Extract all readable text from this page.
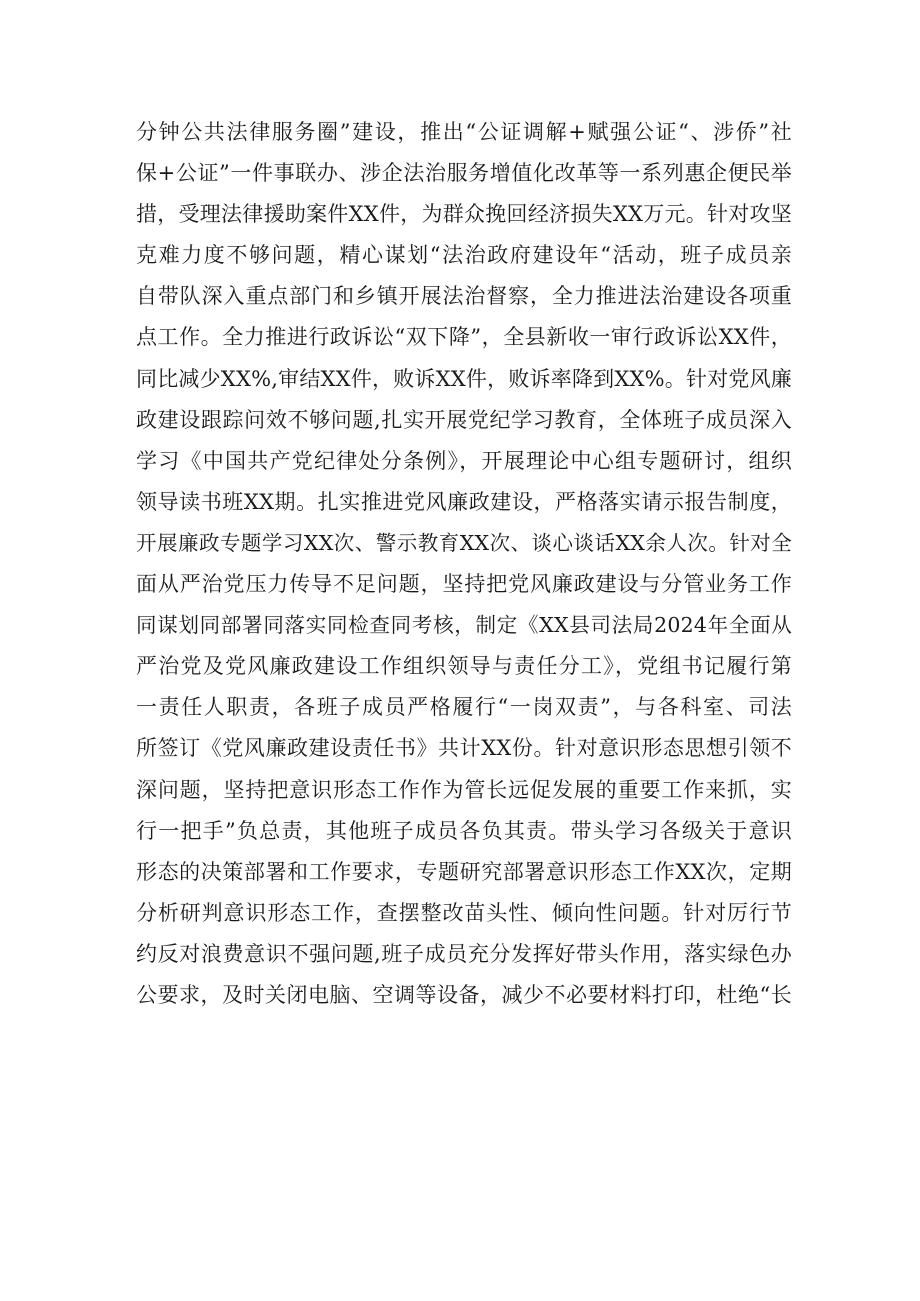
分钟公共法律服务圈”建设，推出“公证调解+赋强公证“、涉侨”社
保+公证”一件事联办、涉企法治服务增值化改革等一系列惠企便民举
措，受理法律援助案件XX件，为群众挽回经济损失XX万元。针对攻坚
克难力度不够问题，精心谋划“法治政府建设年“活动，班子成员亲
自带队深入重点部门和乡镇开展法治督察，全力推进法治建设各项重
点工作。全力推进行政诉讼“双下降”，全县新收一审行政诉讼XX件，
同比减少XX%,审结XX件，败诉XX件，败诉率降到XX%。针对党风廉
政建设跟踪问效不够问题,扎实开展党纪学习教育，全体班子成员深入
学习《中国共产党纪律处分条例》，开展理论中心组专题研讨，组织
领导读书班XX期。扎实推进党风廉政建设，严格落实请示报告制度，
开展廉政专题学习XX次、警示教育XX次、谈心谈话XX余人次。针对全
面从严治党压力传导不足问题，坚持把党风廉政建设与分管业务工作
同谋划同部署同落实同检查同考核，制定《XX县司法局2024年全面从
严治党及党风廉政建设工作组织领导与责任分工》，党组书记履行第
一责任人职责，各班子成员严格履行“一岗双责”，与各科室、司法
所签订《党风廉政建设责任书》共计XX份。针对意识形态思想引领不
深问题，坚持把意识形态工作作为管长远促发展的重要工作来抓，实
行一把手”负总责，其他班子成员各负其责。带头学习各级关于意识
形态的决策部署和工作要求，专题研究部署意识形态工作XX次，定期
分析研判意识形态工作，查摆整改苗头性、倾向性问题。针对厉行节
约反对浪费意识不强问题,班子成员充分发挥好带头作用，落实绿色办
公要求，及时关闭电脑、空调等设备，减少不必要材料打印，杜绝“长
